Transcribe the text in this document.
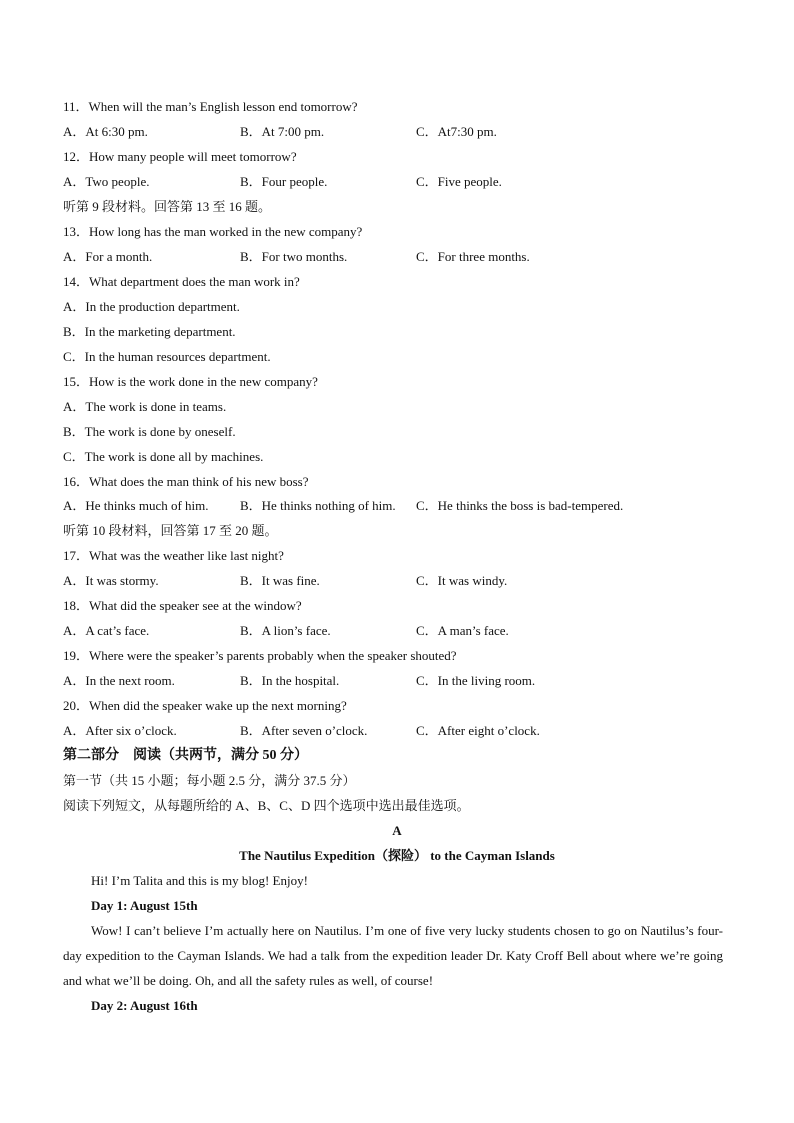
11．When will the man’s English lesson end tomorrow?
A．At 6:30 pm.	B．At 7:00 pm.	C．At7:30 pm.
12．How many people will meet tomorrow?
A．Two people.	B．Four people.	C．Five people.
听第 9 段材料。回答第 13 至 16 题。
13．How long has the man worked in the new company?
A．For a month.	B．For two months.	C．For three months.
14．What department does the man work in?
A．In the production department.
B．In the marketing department.
C．In the human resources department.
15．How is the work done in the new company?
A．The work is done in teams.
B．The work is done by oneself.
C．The work is done all by machines.
16．What does the man think of his new boss?
A．He thinks much of him. B．He thinks nothing of him. C．He thinks the boss is bad-tempered.
听第 10 段材料，回答第 17 至 20 题。
17．What was the weather like last night?
A．It was stormy.	B．It was fine.	C．It was windy.
18．What did the speaker see at the window?
A．A cat’s face.	B．A lion’s face.	C．A man’s face.
19．Where were the speaker’s parents probably when the speaker shouted?
A．In the next room.	B．In the hospital.	C．In the living room.
20．When did the speaker wake up the next morning?
A．After six o’clock.	B．After seven o’clock.	C．After eight o’clock.
第二部分　阅读（共两节，满分 50 分）
第一节（共 15 小题；每小题 2.5 分，满分 37.5 分）
阅读下列短文，从每题所给的 A、B、C、D 四个选项中选出最佳选项。
A
The Nautilus Expedition（探险） to the Cayman Islands
Hi! I’m Talita and this is my blog! Enjoy!
Day 1: August 15th
Wow! I can’t believe I’m actually here on Nautilus. I’m one of five very lucky students chosen to go on Nautilus’s four-day expedition to the Cayman Islands. We had a talk from the expedition leader Dr. Katy Croff Bell about where we’re going and what we’ll be doing. Oh, and all the safety rules as well, of course!
Day 2: August 16th
